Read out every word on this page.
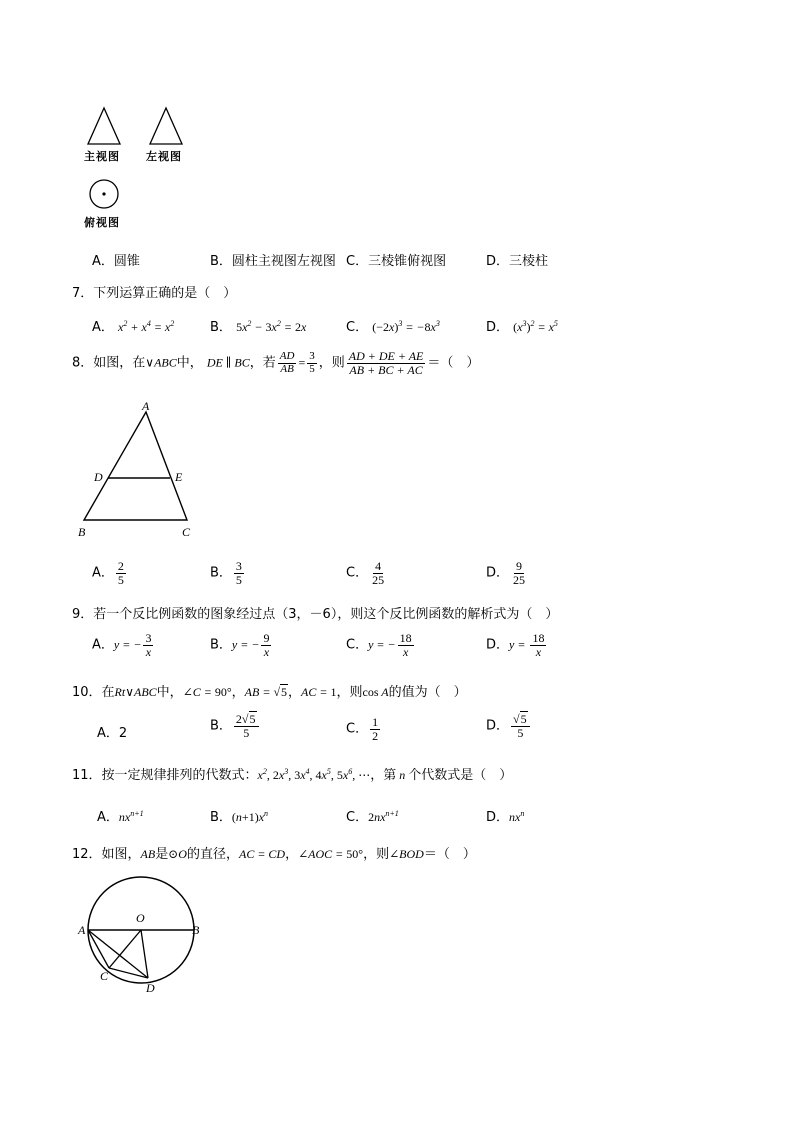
主视图 左视图
俯视图
A．圆锥	B．圆柱主视图左视图 C．三棱锥俯视图	D．三棱柱
7．下列运算正确的是（　）
A． $x^2 + x^4 = x^2$	B． $5x^2 - 3x^2 = 2x$	C． $(-2x)^3 = -8x^3$	D． $(x^3)^2 = x^5$
8．如图，在∨ABC中， DE ∥ BC，若 $\frac{AD}{AB} = \frac{3}{5}$ ，则 $\frac{AD + DE + AE}{AB + BC + AC}$ ＝（　）
A
D	E
B	C
A． $\frac{2}{5}$	B． $\frac{3}{5}$	C． $\frac{4}{25}$	D． $\frac{9}{25}$
9．若一个反比例函数的图象经过点（3，－6），则这个反比例函数的解析式为（　）
A．y = − $\frac{3}{x}$	B．y = − $\frac{9}{x}$	C．y = − $\frac{18}{x}$	D．$y = \frac{18}{x}$
10．在Rt∨ABC中，∠C = 90°，AB = √5，AC = 1，则cos A的值为（　）
A．2	B． $\frac{2√5}{5}$	C． $\frac{1}{2}$	D． $\frac{√5}{5}$
11．按一定规律排列的代数式：$x^2$, $2x^3$, $3x^4$, $4x^5$, $5x^6$, ⋯，第 n 个代数式是（　）
A．$nx^{n+1}$	B．$(n+1)x^n$	C．$2nx^{n+1}$	D．$nx^n$
12．如图，AB是⊙O的直径，AC = CD，∠AOC = 50°，则∠BOD＝（　）
A	B
O
C
D
